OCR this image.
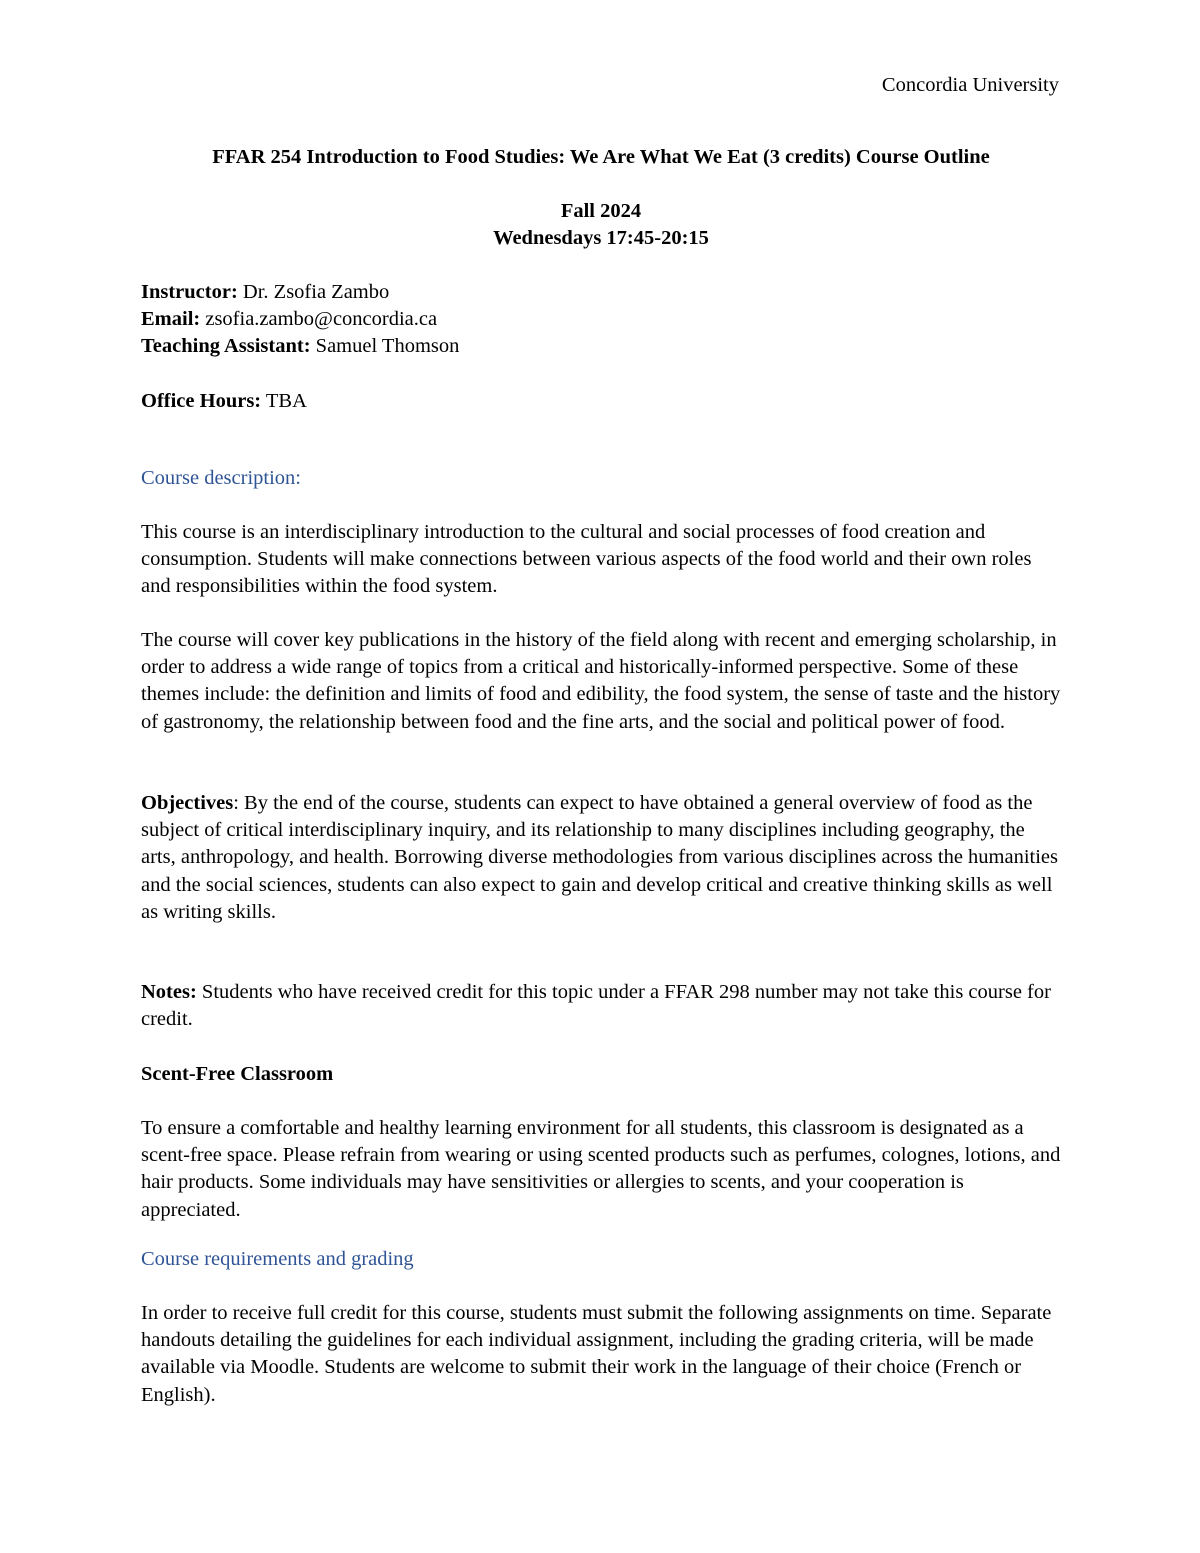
Concordia University
FFAR 254 Introduction to Food Studies: We Are What We Eat (3 credits) Course Outline
Fall 2024
Wednesdays 17:45-20:15
Instructor: Dr. Zsofia Zambo
Email: zsofia.zambo@concordia.ca
Teaching Assistant: Samuel Thomson
Office Hours: TBA
Course description:

This course is an interdisciplinary introduction to the cultural and social processes of food creation and consumption. Students will make connections between various aspects of the food world and their own roles and responsibilities within the food system.

The course will cover key publications in the history of the field along with recent and emerging scholarship, in order to address a wide range of topics from a critical and historically-informed perspective. Some of these themes include: the definition and limits of food and edibility, the food system, the sense of taste and the history of gastronomy, the relationship between food and the fine arts, and the social and political power of food.

Objectives: By the end of the course, students can expect to have obtained a general overview of food as the subject of critical interdisciplinary inquiry, and its relationship to many disciplines including geography, the arts, anthropology, and health. Borrowing diverse methodologies from various disciplines across the humanities and the social sciences, students can also expect to gain and develop critical and creative thinking skills as well as writing skills.

Notes: Students who have received credit for this topic under a FFAR 298 number may not take this course for credit.

Scent-Free Classroom

To ensure a comfortable and healthy learning environment for all students, this classroom is designated as a scent-free space. Please refrain from wearing or using scented products such as perfumes, colognes, lotions, and hair products. Some individuals may have sensitivities or allergies to scents, and your cooperation is appreciated.

Course requirements and grading

In order to receive full credit for this course, students must submit the following assignments on time. Separate handouts detailing the guidelines for each individual assignment, including the grading criteria, will be made available via Moodle. Students are welcome to submit their work in the language of their choice (French or English).
